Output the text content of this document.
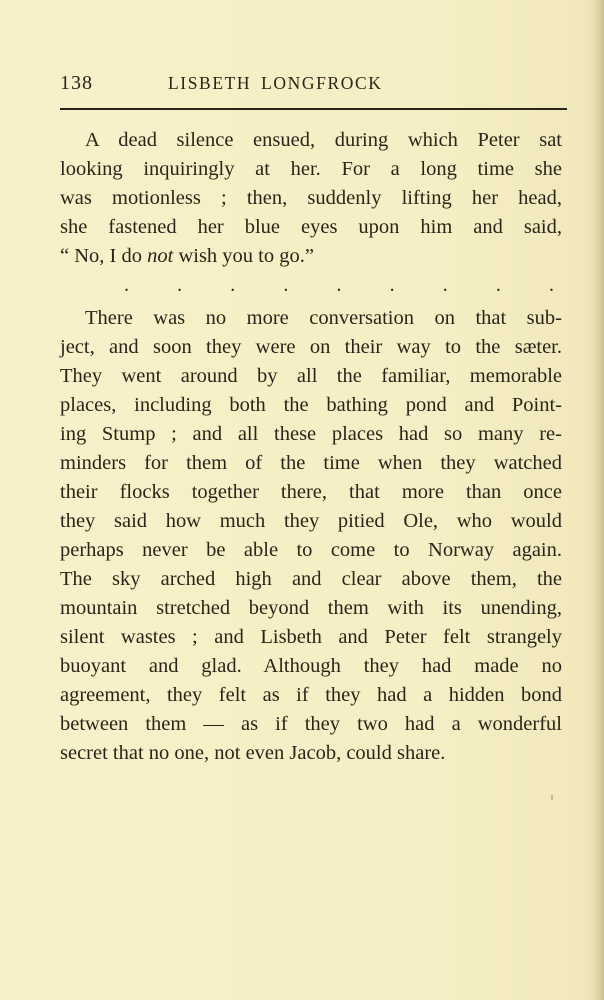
138	LISBETH LONGFROCK

A dead silence ensued, during which Peter sat
looking inquiringly at her. For a long time she
was motionless ; then, suddenly lifting her head,
she fastened her blue eyes upon him and said,
“ No, I do not wish you to go.”

. . . . . . . . .

There was no more conversation on that sub-
ject, and soon they were on their way to the sæter.
They went around by all the familiar, memorable
places, including both the bathing pond and Point-
ing Stump ; and all these places had so many re-
minders for them of the time when they watched
their flocks together there, that more than once
they said how much they pitied Ole, who would
perhaps never be able to come to Norway again.
The sky arched high and clear above them, the
mountain stretched beyond them with its unending,
silent wastes ; and Lisbeth and Peter felt strangely
buoyant and glad. Although they had made no
agreement, they felt as if they had a hidden bond
between them — as if they two had a wonderful
secret that no one, not even Jacob, could share.
